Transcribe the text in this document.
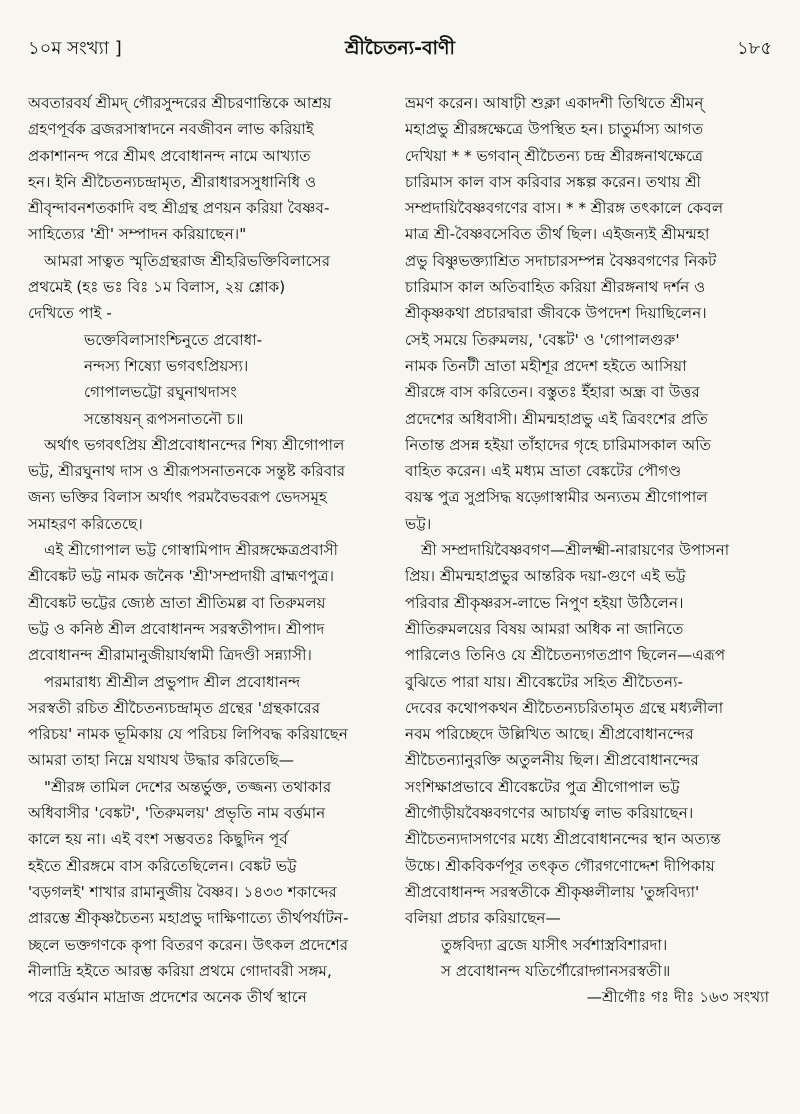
১০ম সংখ্যা ]	শ্রীচৈতন্য-বাণী	১৮৫
অবতারবর্য শ্রীমদ্ গৌরসুন্দরের শ্রীচরণান্তিকে আশ্রয়
গ্রহণপূর্বক ব্রজরসাস্বাদনে নবজীবন লাভ করিয়াই
প্রকাশানন্দ পরে শ্রীমৎ প্রবোধানন্দ নামে আখ্যাত
হন। ইনি শ্রীচৈতন্যচন্দ্রামৃত, শ্রীরাধারসসুধানিধি ও
শ্রীবৃন্দাবনশতকাদি বহু শ্রীগ্রন্থ প্রণয়ন করিয়া বৈষ্ণব-
সাহিত্যের 'শ্রী' সম্পাদন করিয়াছেন।"
আমরা সাত্বত স্মৃতিগ্রন্থরাজ শ্রীহরিভক্তিবিলাসের
প্রথমেই (হঃ ভঃ বিঃ ১ম বিলাস, ২য় শ্লোক)
দেখিতে পাই -
ভক্তেবিলাসাংশ্চিনুতে প্রবোধা-
নন্দস্য শিষ্যো ভগবৎপ্রিয়স্য।
গোপালভট্টো রঘুনাথদাসং
সন্তোষয়ন্ রূপসনাতনৌ চ॥
অর্থাৎ ভগবৎপ্রিয় শ্রীপ্রবোধানন্দের শিষ্য শ্রীগোপাল
ভট্ট, শ্রীরঘুনাথ দাস ও শ্রীরূপসনাতনকে সন্তুষ্ট করিবার
জন্য ভক্তির বিলাস অর্থাৎ পরমবৈভবরূপ ভেদসমূহ
সমাহরণ করিতেছে।
এই শ্রীগোপাল ভট্ট গোস্বামিপাদ শ্রীরঙ্গক্ষেত্রপ্রবাসী
শ্রীবেঙ্কট ভট্ট নামক জনৈক 'শ্রী'সম্প্রদায়ী ব্রাহ্মণপুত্র।
শ্রীবেঙ্কট ভট্টের জ্যেষ্ঠ ভ্রাতা শ্রীতিমল্ল বা তিরুমলয়
ভট্ট ও কনিষ্ঠ শ্রীল প্রবোধানন্দ সরস্বতীপাদ। শ্রীপাদ
প্রবোধানন্দ শ্রীরামানুজীয়ার্যস্বামী ত্রিদণ্ডী সন্ন্যাসী।
পরমারাধ্য শ্রীশ্রীল প্রভুপাদ শ্রীল প্রবোধানন্দ
সরস্বতী রচিত শ্রীচৈতন্যচন্দ্রামৃত গ্রন্থের 'গ্রন্থকারের
পরিচয়' নামক ভূমিকায় যে পরিচয় লিপিবদ্ধ করিয়াছেন
আমরা তাহা নিম্নে যথাযথ উদ্ধার করিতেছি—
"শ্রীরঙ্গ তামিল দেশের অন্তর্ভুক্ত, তজ্জন্য তথাকার
অধিবাসীর 'বেঙ্কট', 'তিরুমলয়' প্রভৃতি নাম বর্ত্তমান
কালে হয় না। এই বংশ সম্ভবতঃ কিছুদিন পূর্ব
হইতে শ্রীরঙ্গমে বাস করিতেছিলেন। বেঙ্কট ভট্ট
'বড়গলই' শাখার রামানুজীয় বৈষ্ণব। ১৪৩৩ শকাব্দের
প্রারম্ভে শ্রীকৃষ্ণচৈতন্য মহাপ্রভু দাক্ষিণাত্যে তীর্থপর্যাটন-
চ্ছলে ভক্তগণকে কৃপা বিতরণ করেন। উৎকল প্রদেশের
নীলাদ্রি হইতে আরম্ভ করিয়া প্রথমে গোদাবরী সঙ্গম,
পরে বর্ত্তমান মাদ্রাজ প্রদেশের অনেক তীর্থ স্থানে
ভ্রমণ করেন। আষাঢ়ী শুক্লা একাদশী তিথিতে শ্রীমন্
মহাপ্রভু শ্রীরঙ্গক্ষেত্রে উপস্থিত হন। চাতুর্মাস্য আগত
দেখিয়া * * ভগবান্ শ্রীচৈতন্য চন্দ্র শ্রীরঙ্গনাথক্ষেত্রে
চারিমাস কাল বাস করিবার সঙ্কল্প করেন। তথায় শ্রী
সম্প্রদায়িবৈষ্ণবগণের বাস। * * শ্রীরঙ্গ তৎকালে কেবল
মাত্র শ্রী-বৈষ্ণবসেবিত তীর্থ ছিল। এইজন্যই শ্রীমন্মহা
প্রভু বিষ্ণুভক্ত্যাশ্রিত সদাচারসম্পন্ন বৈষ্ণবগণের নিকট
চারিমাস কাল অতিবাহিত করিয়া শ্রীরঙ্গনাথ দর্শন ও
শ্রীকৃষ্ণকথা প্রচারদ্বারা জীবকে উপদেশ দিয়াছিলেন।
সেই সময়ে তিরুমলয়, 'বেঙ্কট' ও 'গোপালগুরু'
নামক তিনটী ভ্রাতা মহীশূর প্রদেশ হইতে আসিয়া
শ্রীরঙ্গে বাস করিতেন। বস্তুতঃ ইঁহারা অন্ধ্র বা উত্তর
প্রদেশের অধিবাসী। শ্রীমন্মহাপ্রভু এই ত্রিবংশের প্রতি
নিতান্ত প্রসন্ন হইয়া তাঁহাদের গৃহে চারিমাসকাল অতি
বাহিত করেন। এই মধ্যম ভ্রাতা বেঙ্কটের পৌগণ্ড
বয়স্ক পুত্র সুপ্রসিদ্ধ ষড়্গোস্বামীর অন্যতম শ্রীগোপাল
ভট্ট।
শ্রী সম্প্রদায়িবৈষ্ণবগণ—শ্রীলক্ষ্মী-নারায়ণের উপাসনা
প্রিয়। শ্রীমন্মহাপ্রভুর আন্তরিক দয়া-গুণে এই ভট্ট
পরিবার শ্রীকৃষ্ণরস-লাভে নিপুণ হইয়া উঠিলেন।
শ্রীতিরুমলয়ের বিষয় আমরা অধিক না জানিতে
পারিলেও তিনিও যে শ্রীচৈতন্যগতপ্রাণ ছিলেন—এরূপ
বুঝিতে পারা যায়। শ্রীবেঙ্কটের সহিত শ্রীচৈতন্য-
দেবের কথোপকথন শ্রীচৈতন্যচরিতামৃত গ্রন্থে মধ্যলীলা
নবম পরিচ্ছেদে উল্লিখিত আছে। শ্রীপ্রবোধানন্দের
শ্রীচৈতন্যানুরক্তি অতুলনীয় ছিল। শ্রীপ্রবোধানন্দের
সংশিক্ষাপ্রভাবে শ্রীবেঙ্কটের পুত্র শ্রীগোপাল ভট্ট
শ্রীগৌড়ীয়বৈষ্ণবগণের আচার্যত্ব লাভ করিয়াছেন।
শ্রীচৈতন্যদাসগণের মধ্যে শ্রীপ্রবোধানন্দের স্থান অত্যন্ত
উচ্চে। শ্রীকবিকর্ণপূর তৎকৃত গৌরগণোদ্দেশ দীপিকায়
শ্রীপ্রবোধানন্দ সরস্বতীকে শ্রীকৃষ্ণলীলায় 'তুঙ্গবিদ্যা'
বলিয়া প্রচার করিয়াছেন—
তুঙ্গবিদ্যা ব্রজে যাসীৎ সর্বশাস্ত্রবিশারদা।
স প্রবোধানন্দ যতির্গৌরোদ্গানসরস্বতী॥
—শ্রীগৌঃ গঃ দীঃ ১৬৩ সংখ্যা
